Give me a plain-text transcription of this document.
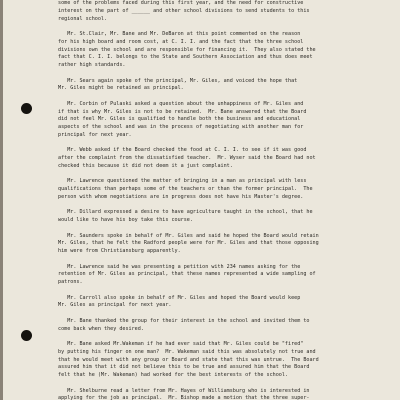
some of the problems faced during this first year, and the need for constructive
interest on the part of ______ and other school divisions to send students to this
regional school.
Mr. St.Clair, Mr. Bane and Mr. DeBaron at this point commented on the reason
for his high board and room cost, at C. I. I. and the fact that the three school
divisions own the school and are responsible for financing it.  They also stated the
fact that C. I. I. belongs to the State and Southern Association and thus does meet
rather high standards.
Mr. Sears again spoke of the principal, Mr. Giles, and voiced the hope that
Mr. Giles might be retained as principal.
Mr. Corbin of Pulaski asked a question about the unhappiness of Mr. Giles and
if that is why Mr. Giles is not to be retained.  Mr. Bane answered that the Board
did not feel Mr. Giles is qualified to handle both the business and educational
aspects of the school and was in the process of negotiating with another man for
principal for next year.
Mr. Webb asked if the Board checked the food at C. I. I. to see if it was good
after the complaint from the dissatisfied teacher.  Mr. Wyser said the Board had not
checked this because it did not deem it a just complaint.
Mr. Lawrence questioned the matter of bringing in a man as principal with less
qualifications than perhaps some of the teachers or than the former principal.  The
person with whom negotiations are in progress does not have his Master's degree.
Mr. Dillard expressed a desire to have agriculture taught in the school, that he
would like to have his boy take this course.
Mr. Saunders spoke in behalf of Mr. Giles and said he hoped the Board would retain
Mr. Giles, that he felt the Radford people were for Mr. Giles and that those opposing
him were from Christiansburg apparently.
Mr. Lawrence said he was presenting a petition with 234 names asking for the
retention of Mr. Giles as principal, that these names represented a wide sampling of
patrons.
Mr. Carroll also spoke in behalf of Mr. Giles and hoped the Board would keep
Mr. Giles as principal for next year.
Mr. Bane thanked the group for their interest in the school and invited them to
come back when they desired.
Mr. Bane asked Mr.Wakeman if he had ever said that Mr. Giles could be "fired"
by putting his finger on one man?  Mr. Wakeman said this was absolutely not true and
that he would meet with any group or Board and state that this was untrue.  The Board
assured him that it did not believe this to be true and assured him that the Board
felt that he (Mr. Wakeman) had worked for the best interests of the school.
Mr. Shelburne read a letter from Mr. Hayes of Williamsburg who is interested in
applying for the job as principal.  Mr. Bishop made a motion that the three super-
